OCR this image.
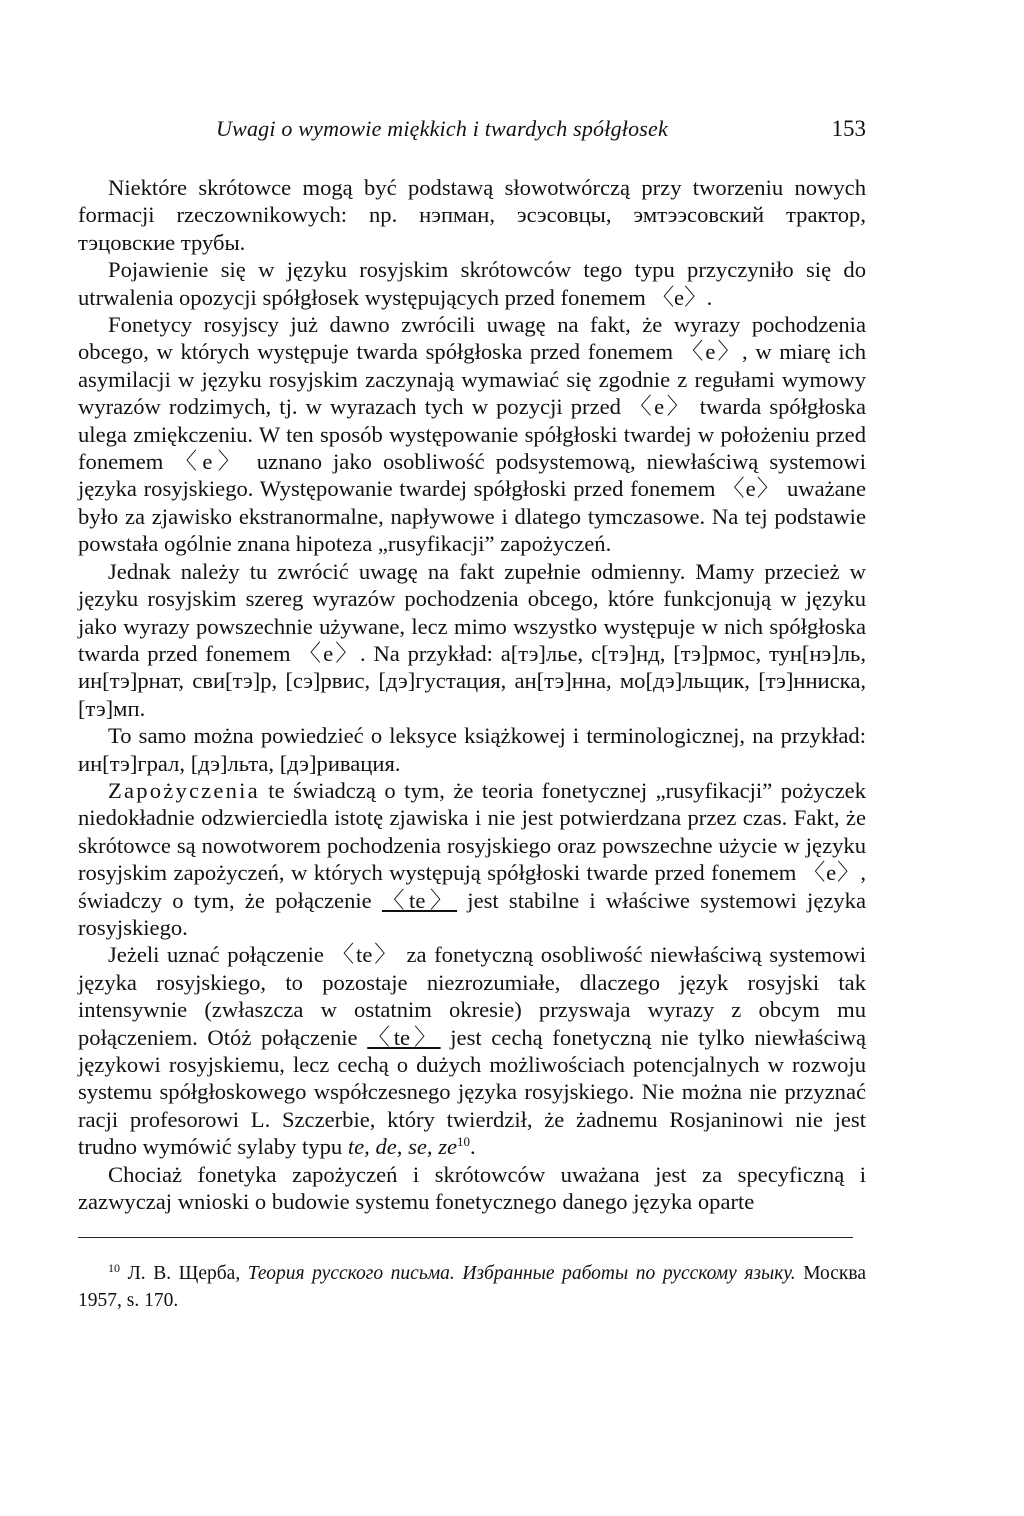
Uwagi o wymowie miękkich i twardych spółgłosek	153

Niektóre skrótowce mogą być podstawą słowotwórczą przy tworzeniu nowych formacji rzeczownikowych: np. нэпман, эсэсовцы, эмтээсовский трактор, тэцовские трубы.

Pojawienie się w języku rosyjskim skrótowców tego typu przyczyniło się do utrwalenia opozycji spółgłosek występujących przed fonemem 〈e〉.

Fonetycy rosyjscy już dawno zwrócili uwagę na fakt, że wyrazy pochodzenia obcego, w których występuje twarda spółgłoska przed fonemem 〈e〉, w miarę ich asymilacji w języku rosyjskim zaczynają wymawiać się zgodnie z regułami wymowy wyrazów rodzimych, tj. w wyrazach tych w pozycji przed 〈e〉 twarda spółgłoska ulega zmiękczeniu. W ten sposób występowanie spółgłoski twardej w położeniu przed fonemem 〈e〉 uznano jako osobliwość podsystemową, niewłaściwą systemowi języka rosyjskiego. Występowanie twardej spółgłoski przed fonemem 〈e〉 uważane było za zjawisko ekstranormalne, napływowe i dlatego tymczasowe. Na tej podstawie powstała ogólnie znana hipoteza „rusyfikacji” zapożyczeń.

Jednak należy tu zwrócić uwagę na fakt zupełnie odmienny. Mamy przecież w języku rosyjskim szereg wyrazów pochodzenia obcego, które funkcjonują w języku jako wyrazy powszechnie używane, lecz mimo wszystko występuje w nich spółgłoska twarda przed fonemem 〈e〉. Na przykład: а[тэ]лье, с[тэ]нд, [тэ]рмос, тун[нэ]ль, ин[тэ]рнат, сви[тэ]р, [сэ]рвис, [дэ]густация, ан[тэ]нна, мо[дэ]льщик, [тэ]нниска, [тэ]мп.

To samo można powiedzieć o leksyce książkowej i terminologicznej, na przykład: ин[тэ]грал, [дэ]льта, [дэ]ривация.

Zapożyczenia te świadczą o tym, że teoria fonetycznej „rusyfikacji” pożyczek niedokładnie odzwierciedla istotę zjawiska i nie jest potwierdzana przez czas. Fakt, że skrótowce są nowotworem pochodzenia rosyjskiego oraz powszechne użycie w języku rosyjskim zapożyczeń, w których występują spółgłoski twarde przed fonemem 〈e〉, świadczy o tym, że połączenie 〈te〉 jest stabilne i właściwe systemowi języka rosyjskiego.

Jeżeli uznać połączenie 〈te〉 za fonetyczną osobliwość niewłaściwą systemowi języka rosyjskiego, to pozostaje niezrozumiałe, dlaczego język rosyjski tak intensywnie (zwłaszcza w ostatnim okresie) przyswaja wyrazy z obcym mu połączeniem. Otóż połączenie 〈te〉 jest cechą fonetyczną nie tylko niewłaściwą językowi rosyjskiemu, lecz cechą o dużych możliwościach potencjalnych w rozwoju systemu spółgłoskowego współczesnego języka rosyjskiego. Nie można nie przyznać racji profesorowi L. Szczerbie, który twierdził, że żadnemu Rosjaninowi nie jest trudno wymówić sylaby typu te, de, se, $ze^{10}$.

Chociaż fonetyka zapożyczeń i skrótowców uważana jest za specyficzną i zazwyczaj wnioski o budowie systemu fonetycznego danego języka oparte

$^{10}$ Л. В. Щерба, Теория русского письма. Избранные работы по русскому языку. Москва 1957, s. 170.
